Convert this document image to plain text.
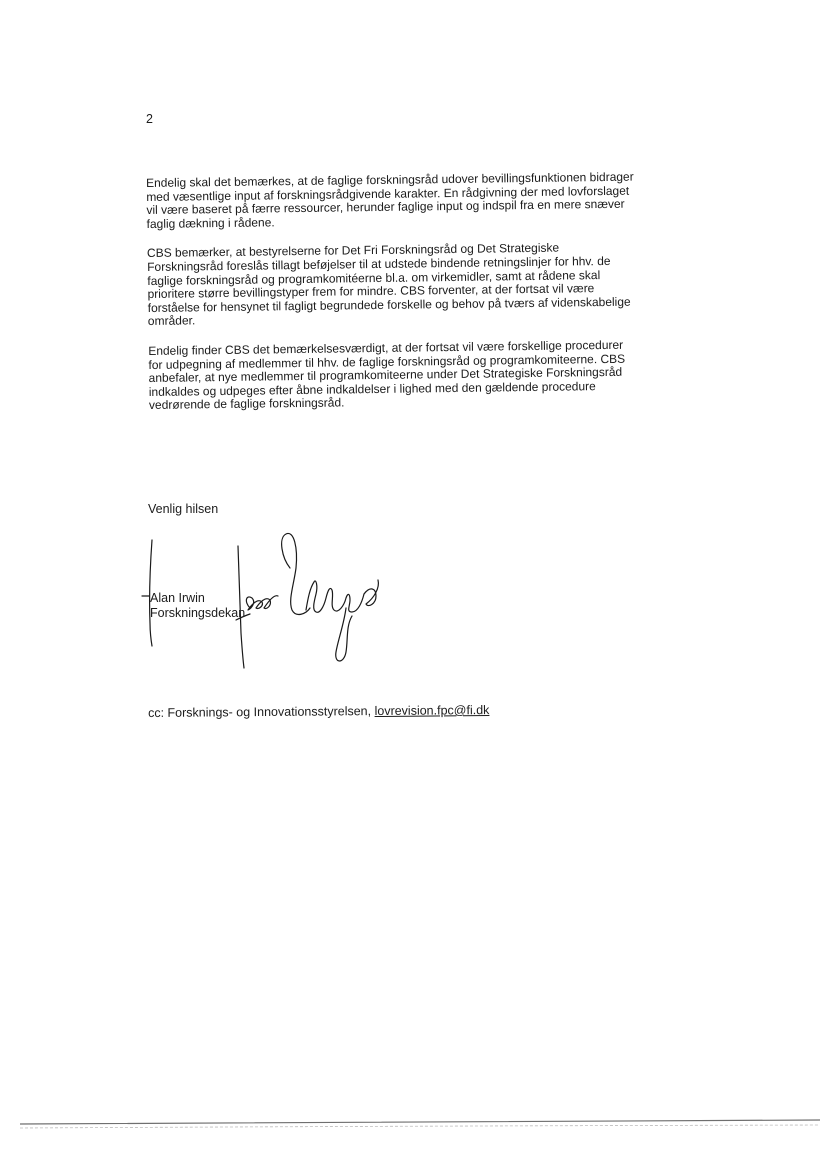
2

Endelig skal det bemærkes, at de faglige forskningsråd udover bevillingsfunktionen bidrager med væsentlige input af forskningsrådgivende karakter. En rådgivning der med lovforslaget vil være baseret på færre ressourcer, herunder faglige input og indspil fra en mere snæver faglig dækning i rådene.

CBS bemærker, at bestyrelserne for Det Fri Forskningsråd og Det Strategiske Forskningsråd foreslås tillagt beføjelser til at udstede bindende retningslinjer for hhv. de faglige forskningsråd og programkomitéerne bl.a. om virkemidler, samt at rådene skal prioritere større bevillingstyper frem for mindre. CBS forventer, at der fortsat vil være forståelse for hensynet til fagligt begrundede forskelle og behov på tværs af videnskabelige områder.

Endelig finder CBS det bemærkelsesværdigt, at der fortsat vil være forskellige procedurer for udpegning af medlemmer til hhv. de faglige forskningsråd og programkomiteerne. CBS anbefaler, at nye medlemmer til programkomiteerne under Det Strategiske Forskningsråd indkaldes og udpeges efter åbne indkaldelser i lighed med den gældende procedure vedrørende de faglige forskningsråd.

Venlig hilsen
Alan Irwin
Forskningsdekan
cc: Forsknings- og Innovationsstyrelsen, lovrevision.fpc@fi.dk
